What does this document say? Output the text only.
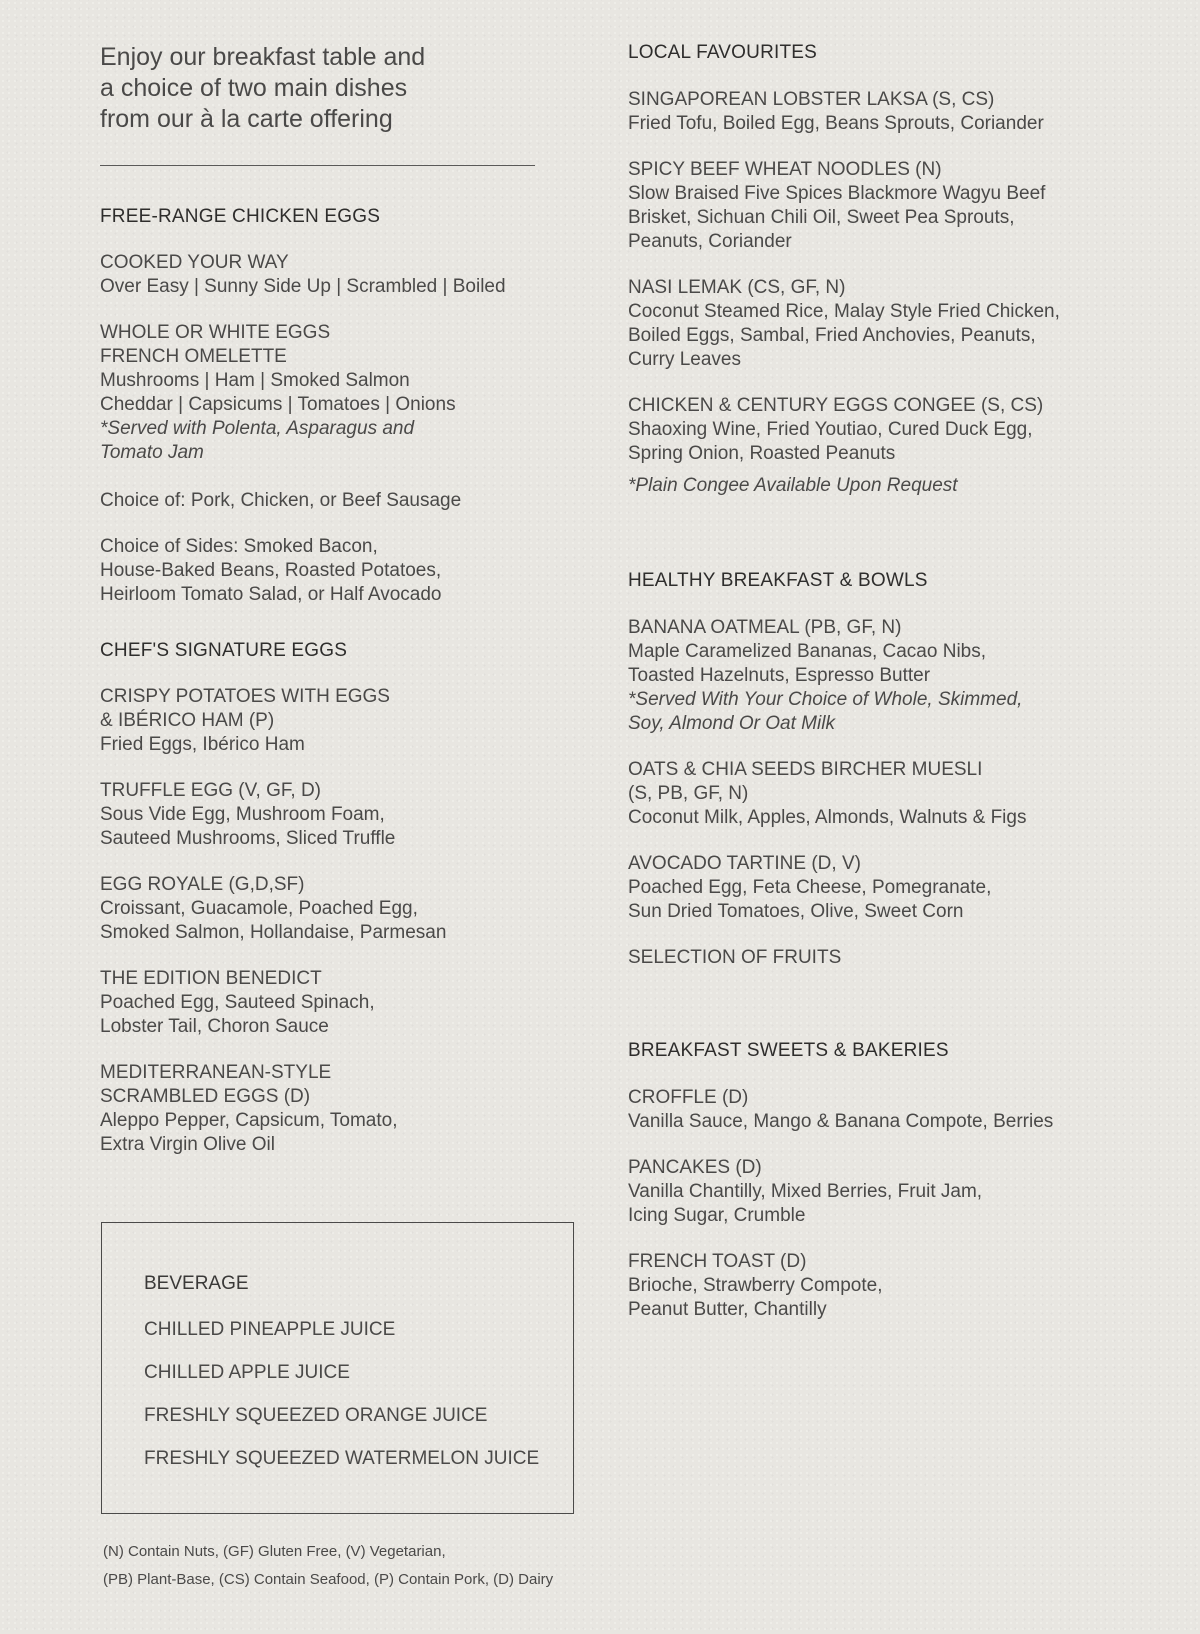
Enjoy our breakfast table and

a choice of two main dishes

from our à la carte offering

FREE-RANGE CHICKEN EGGS

COOKED YOUR WAY

Over Easy | Sunny Side Up | Scrambled | Boiled

WHOLE OR WHITE EGGS

FRENCH OMELETTE

Mushrooms | Ham | Smoked Salmon

Cheddar | Capsicums | Tomatoes | Onions

*Served with Polenta, Asparagus and

Tomato Jam

Choice of: Pork, Chicken, or Beef Sausage

Choice of Sides: Smoked Bacon,

House-Baked Beans, Roasted Potatoes,

Heirloom Tomato Salad, or Half Avocado

CHEF'S SIGNATURE EGGS

CRISPY POTATOES WITH EGGS

& IBÉRICO HAM (P)

Fried Eggs, Ibérico Ham

TRUFFLE EGG (V, GF, D)

Sous Vide Egg, Mushroom Foam,

Sauteed Mushrooms, Sliced Truffle

EGG ROYALE (G,D,SF)

Croissant, Guacamole, Poached Egg,

Smoked Salmon, Hollandaise, Parmesan

THE EDITION BENEDICT

Poached Egg, Sauteed Spinach,

Lobster Tail, Choron Sauce

MEDITERRANEAN-STYLE

SCRAMBLED EGGS (D)

Aleppo Pepper, Capsicum, Tomato,

Extra Virgin Olive Oil

BEVERAGE

CHILLED PINEAPPLE JUICE

CHILLED APPLE JUICE

FRESHLY SQUEEZED ORANGE JUICE

FRESHLY SQUEEZED WATERMELON JUICE

(N) Contain Nuts, (GF) Gluten Free, (V) Vegetarian,

(PB) Plant-Base, (CS) Contain Seafood, (P) Contain Pork, (D) Dairy

LOCAL FAVOURITES

SINGAPOREAN LOBSTER LAKSA (S, CS)

Fried Tofu, Boiled Egg, Beans Sprouts, Coriander

SPICY BEEF WHEAT NOODLES (N)

Slow Braised Five Spices Blackmore Wagyu Beef

Brisket, Sichuan Chili Oil, Sweet Pea Sprouts,

Peanuts, Coriander

NASI LEMAK (CS, GF, N)

Coconut Steamed Rice, Malay Style Fried Chicken,

Boiled Eggs, Sambal, Fried Anchovies, Peanuts,

Curry Leaves

CHICKEN & CENTURY EGGS CONGEE (S, CS)

Shaoxing Wine, Fried Youtiao, Cured Duck Egg,

Spring Onion, Roasted Peanuts

*Plain Congee Available Upon Request

HEALTHY BREAKFAST & BOWLS

BANANA OATMEAL (PB, GF, N)

Maple Caramelized Bananas, Cacao Nibs,

Toasted Hazelnuts, Espresso Butter

*Served With Your Choice of Whole, Skimmed,

Soy, Almond Or Oat Milk

OATS & CHIA SEEDS BIRCHER MUESLI

(S, PB, GF, N)

Coconut Milk, Apples, Almonds, Walnuts & Figs

AVOCADO TARTINE (D, V)

Poached Egg, Feta Cheese, Pomegranate,

Sun Dried Tomatoes, Olive, Sweet Corn

SELECTION OF FRUITS

BREAKFAST SWEETS & BAKERIES

CROFFLE (D)

Vanilla Sauce, Mango & Banana Compote, Berries

PANCAKES (D)

Vanilla Chantilly, Mixed Berries, Fruit Jam,

Icing Sugar, Crumble

FRENCH TOAST (D)

Brioche, Strawberry Compote,

Peanut Butter, Chantilly
